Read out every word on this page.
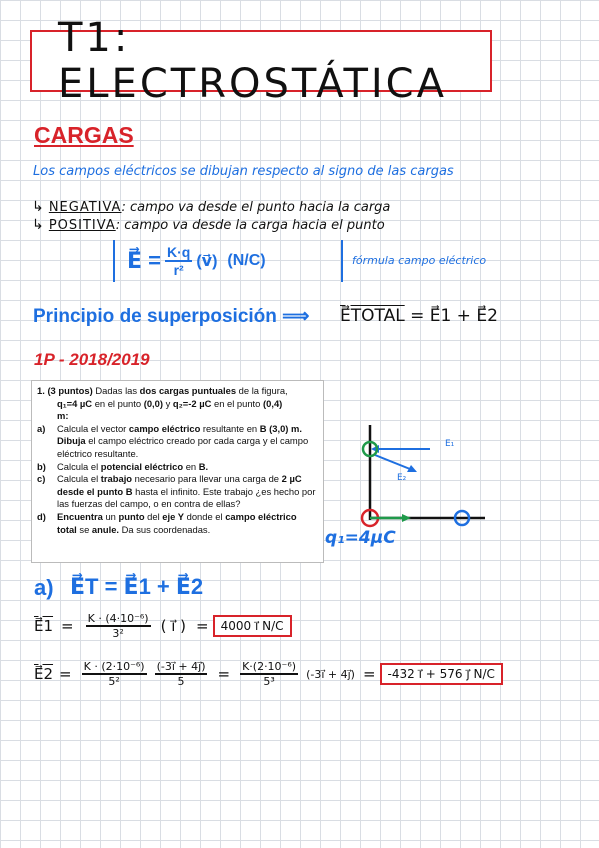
T1: ELECTROSTÁTICA
CARGAS
Los campos eléctricos se dibujan respecto al signo de las cargas
↳ NEGATIVA: campo va desde el punto hacia la carga
↳ POSITIVA: campo va desde la carga hacia el punto
E⃗ = $\frac{K\cdot q}{\text{r²}}$ (v⃗) (N/C)	fórmula campo eléctrico
Principio de superposición ⟹ E⃗TOTAL = E⃗1 + E⃗2
1P - 2018/2019

1. (3 puntos) Dadas las dos cargas puntuales de la figura,

q₁=4 µC en el punto (0,0) y q₂=-2 µC en el punto (0,4)

m:

a)	Calcula el vector campo eléctrico resultante en B (3,0) m. Dibuja el campo eléctrico creado por cada carga y el campo eléctrico resultante.
b)	Calcula el potencial eléctrico en B.
c)	Calcula el trabajo necesario para llevar una carga de 2 µC desde el punto B hasta el infinito. Este trabajo ¿es hecho por las fuerzas del campo, o en contra de ellas?
d)	Encuentra un punto del eje Y donde el campo eléctrico total se anule. Da sus coordenadas.
E₁
E₂
q₁=4µC
a) E⃗T = E⃗1 + E⃗2
E⃗1 = $\frac{\text{K · (4·10⁻⁶)}}{\text{3²}}$ ( i⃗ ) =	4000 i⃗ N/C
E⃗2 = $\frac{\text{K · (2·10⁻⁶)}}{\text{5²}} \frac{(-3i⃗ + 4j⃗)}{5} = \frac{\text{K·(2·10⁻⁶)}}{\text{5³}}$ (-3i⃗ + 4j⃗) =	-432 i⃗ + 576 j⃗ N/C
